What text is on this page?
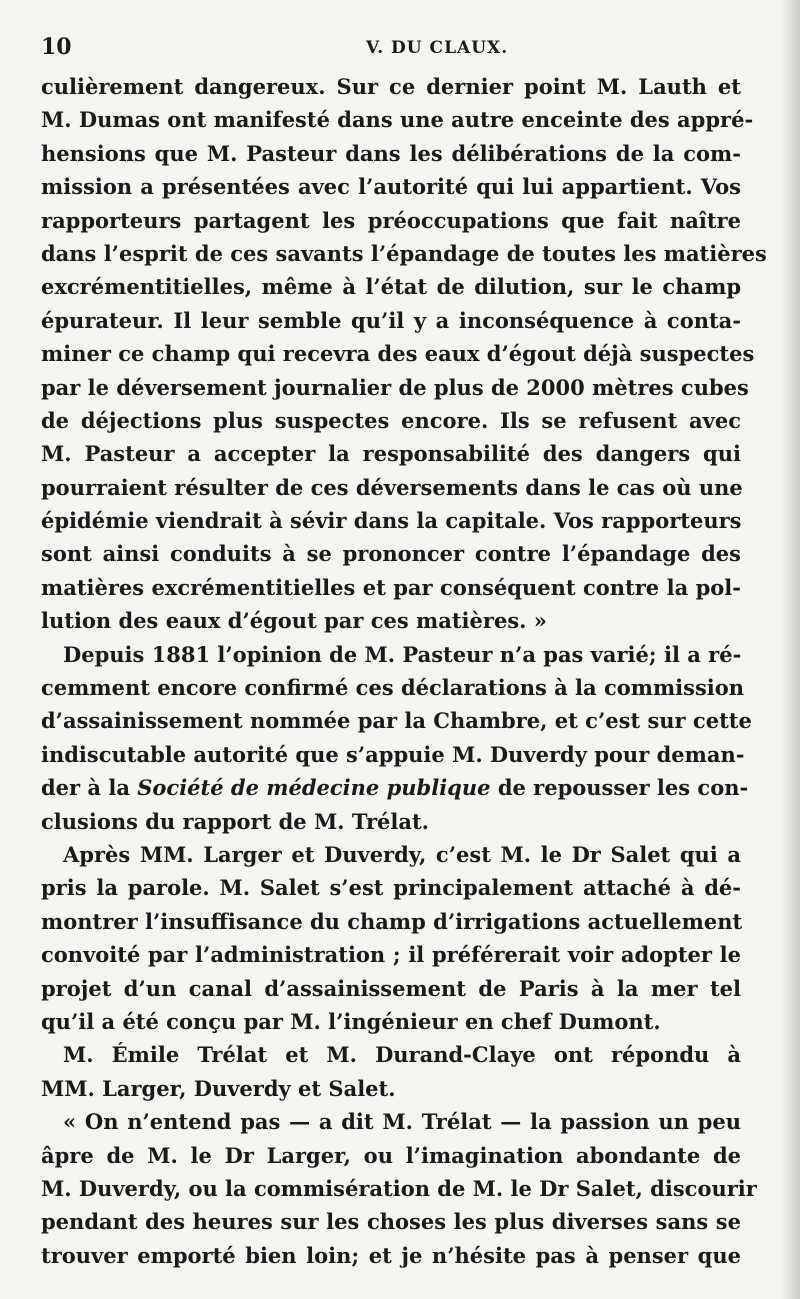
10	V. DU CLAUX.
culièrement dangereux. Sur ce dernier point M. Lauth et
M. Dumas ont manifesté dans une autre enceinte des appré-
hensions que M. Pasteur dans les délibérations de la com-
mission a présentées avec l’autorité qui lui appartient. Vos
rapporteurs partagent les préoccupations que fait naître
dans l’esprit de ces savants l’épandage de toutes les matières
excrémentitielles, même à l’état de dilution, sur le champ
épurateur. Il leur semble qu’il y a inconséquence à conta-
miner ce champ qui recevra des eaux d’égout déjà suspectes
par le déversement journalier de plus de 2000 mètres cubes
de déjections plus suspectes encore. Ils se refusent avec
M. Pasteur a accepter la responsabilité des dangers qui
pourraient résulter de ces déversements dans le cas où une
épidémie viendrait à sévir dans la capitale. Vos rapporteurs
sont ainsi conduits à se prononcer contre l’épandage des
matières excrémentitielles et par conséquent contre la pol-
lution des eaux d’égout par ces matières. »
Depuis 1881 l’opinion de M. Pasteur n’a pas varié; il a ré-
cemment encore confirmé ces déclarations à la commission
d’assainissement nommée par la Chambre, et c’est sur cette
indiscutable autorité que s’appuie M. Duverdy pour deman-
der à la Société de médecine publique de repousser les con-
clusions du rapport de M. Trélat.
Après MM. Larger et Duverdy, c’est M. le Dr Salet qui a
pris la parole. M. Salet s’est principalement attaché à dé-
montrer l’insuffisance du champ d’irrigations actuellement
convoité par l’administration ; il préférerait voir adopter le
projet d’un canal d’assainissement de Paris à la mer tel
qu’il a été conçu par M. l’ingénieur en chef Dumont.
M. Émile Trélat et M. Durand-Claye ont répondu à
MM. Larger, Duverdy et Salet.
« On n’entend pas — a dit M. Trélat — la passion un peu
âpre de M. le Dr Larger, ou l’imagination abondante de
M. Duverdy, ou la commisération de M. le Dr Salet, discourir
pendant des heures sur les choses les plus diverses sans se
trouver emporté bien loin; et je n’hésite pas à penser que
